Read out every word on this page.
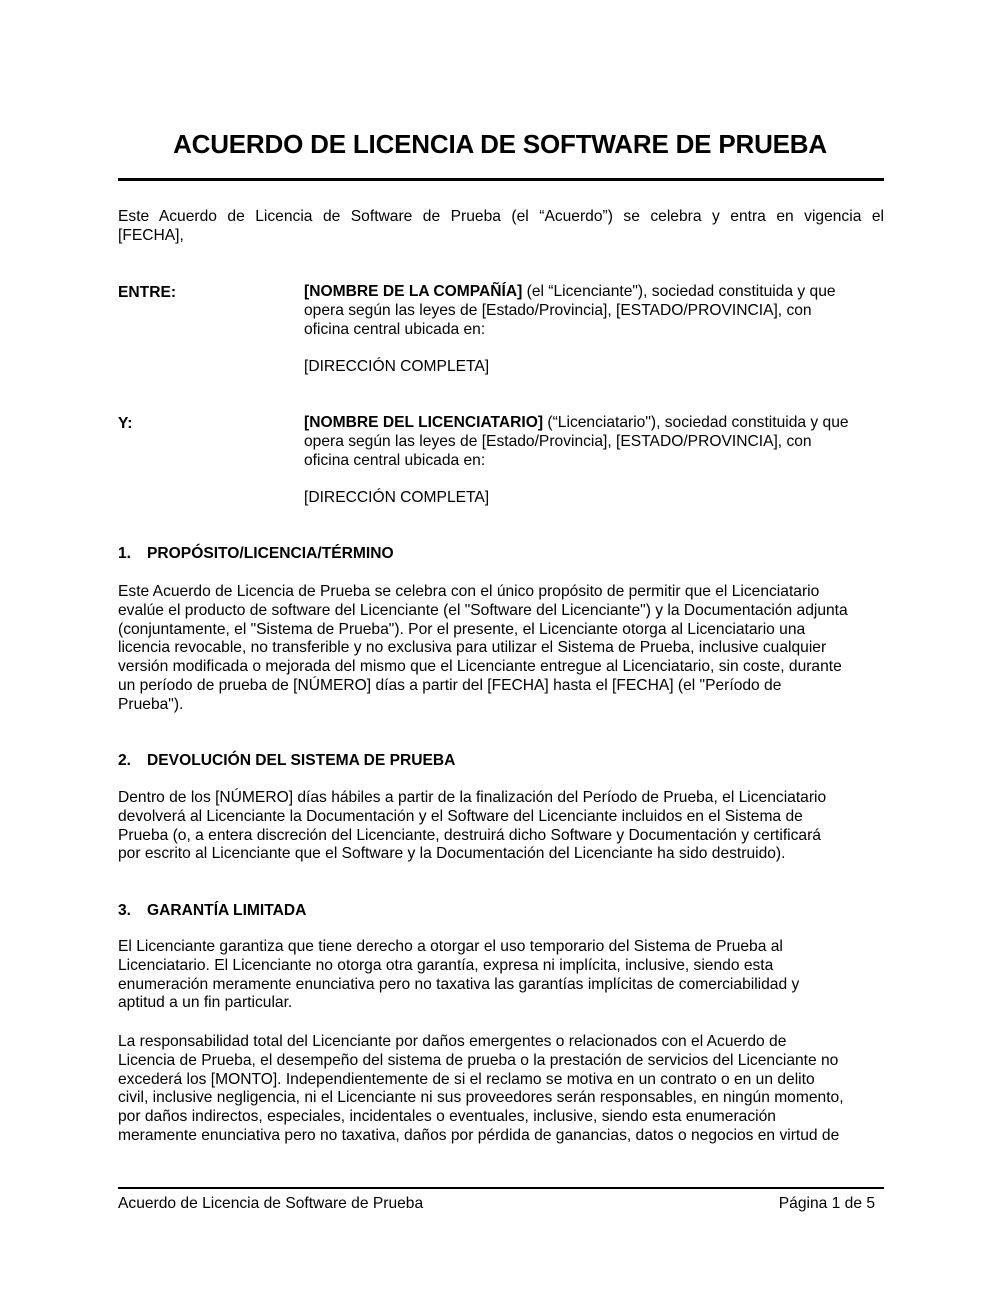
ACUERDO DE LICENCIA DE SOFTWARE DE PRUEBA
Este Acuerdo de Licencia de Software de Prueba (el “Acuerdo”) se celebra y entra en vigencia el
[FECHA],
ENTRE:	[NOMBRE DE LA COMPAÑÍA] (el “Licenciante"), sociedad constituida y que
opera según las leyes de [Estado/Provincia], [ESTADO/PROVINCIA], con
oficina central ubicada en:
[DIRECCIÓN COMPLETA]
Y:	[NOMBRE DEL LICENCIATARIO] (“Licenciatario"), sociedad constituida y que
opera según las leyes de [Estado/Provincia], [ESTADO/PROVINCIA], con
oficina central ubicada en:
[DIRECCIÓN COMPLETA]
1. PROPÓSITO/LICENCIA/TÉRMINO
Este Acuerdo de Licencia de Prueba se celebra con el único propósito de permitir que el Licenciatario
evalúe el producto de software del Licenciante (el "Software del Licenciante") y la Documentación adjunta
(conjuntamente, el "Sistema de Prueba"). Por el presente, el Licenciante otorga al Licenciatario una
licencia revocable, no transferible y no exclusiva para utilizar el Sistema de Prueba, inclusive cualquier
versión modificada o mejorada del mismo que el Licenciante entregue al Licenciatario, sin coste, durante
un período de prueba de [NÚMERO] días a partir del [FECHA] hasta el [FECHA] (el "Período de
Prueba").
2. DEVOLUCIÓN DEL SISTEMA DE PRUEBA
Dentro de los [NÚMERO] días hábiles a partir de la finalización del Período de Prueba, el Licenciatario
devolverá al Licenciante la Documentación y el Software del Licenciante incluidos en el Sistema de
Prueba (o, a entera discreción del Licenciante, destruirá dicho Software y Documentación y certificará
por escrito al Licenciante que el Software y la Documentación del Licenciante ha sido destruido).
3. GARANTÍA LIMITADA
El Licenciante garantiza que tiene derecho a otorgar el uso temporario del Sistema de Prueba al
Licenciatario. El Licenciante no otorga otra garantía, expresa ni implícita, inclusive, siendo esta
enumeración meramente enunciativa pero no taxativa las garantías implícitas de comerciabilidad y
aptitud a un fin particular.
La responsabilidad total del Licenciante por daños emergentes o relacionados con el Acuerdo de
Licencia de Prueba, el desempeño del sistema de prueba o la prestación de servicios del Licenciante no
excederá los [MONTO]. Independientemente de si el reclamo se motiva en un contrato o en un delito
civil, inclusive negligencia, ni el Licenciante ni sus proveedores serán responsables, en ningún momento,
por daños indirectos, especiales, incidentales o eventuales, inclusive, siendo esta enumeración
meramente enunciativa pero no taxativa, daños por pérdida de ganancias, datos o negocios en virtud de
Acuerdo de Licencia de Software de Prueba	Página 1 de 5
